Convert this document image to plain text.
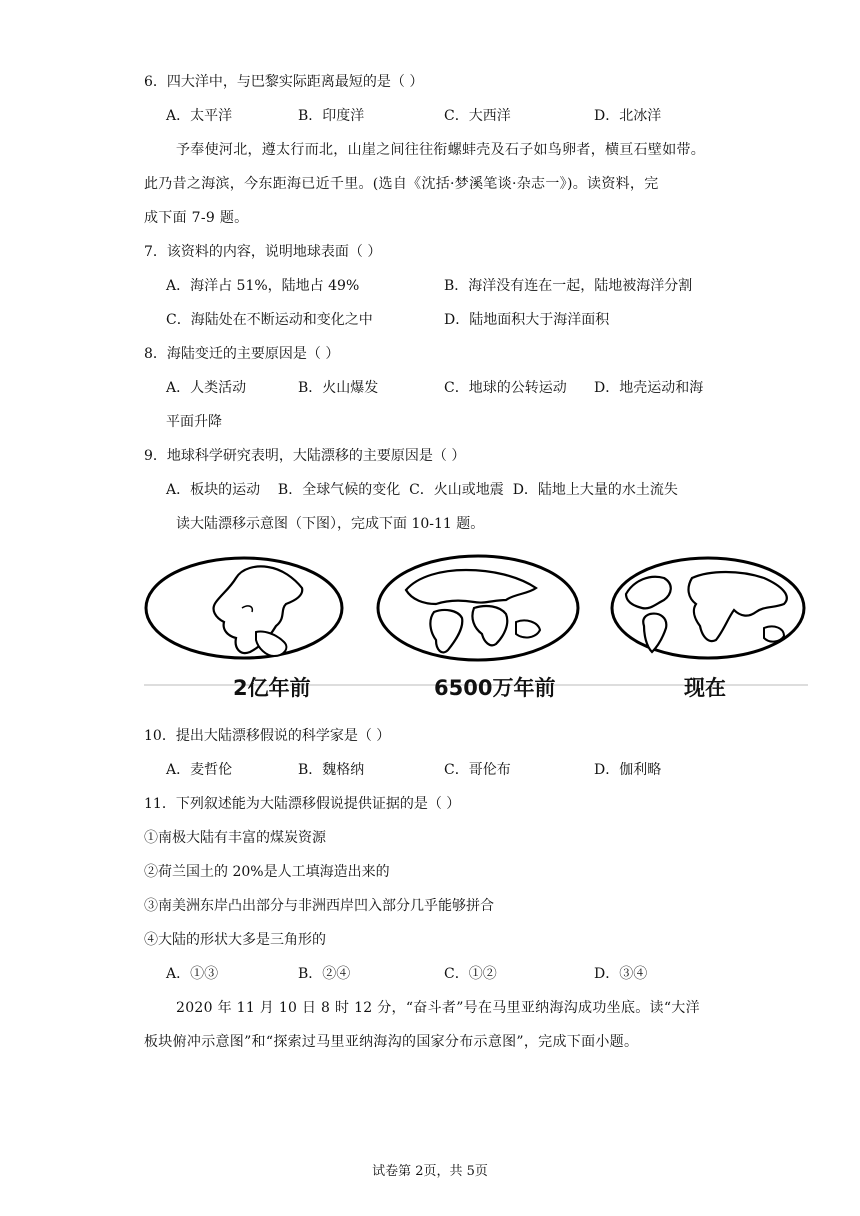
6．四大洋中，与巴黎实际距离最短的是（ ）
A．太平洋	B．印度洋	C．大西洋	D．北冰洋
予奉使河北，遵太行而北，山崖之间往往衔螺蚌壳及石子如鸟卵者，横亘石壁如带。
此乃昔之海滨，今东距海已近千里。(选自《沈括·梦溪笔谈·杂志一》)。读资料，完
成下面 7-9 题。
7．该资料的内容，说明地球表面（ ）
A．海洋占 51%，陆地占 49%	B．海洋没有连在一起，陆地被海洋分割
C．海陆处在不断运动和变化之中	D．陆地面积大于海洋面积
8．海陆变迁的主要原因是（ ）
A．人类活动	B．火山爆发	C．地球的公转运动 D．地壳运动和海
平面升降
9．地球科学研究表明，大陆漂移的主要原因是（ ）
A．板块的运动    B．全球气候的变化  C．火山或地震  D．陆地上大量的水土流失
读大陆漂移示意图（下图），完成下面 10-11 题。
2亿年前	6500万年前	现在
10．提出大陆漂移假说的科学家是（ ）
A．麦哲伦	B．魏格纳	C．哥伦布	D．伽利略
11．下列叙述能为大陆漂移假说提供证据的是（ ）
①南极大陆有丰富的煤炭资源
②荷兰国土的 20%是人工填海造出来的
③南美洲东岸凸出部分与非洲西岸凹入部分几乎能够拼合
④大陆的形状大多是三角形的
A．①③	B．②④	C．①②	D．③④
2020 年 11 月 10 日 8 时 12 分，“奋斗者”号在马里亚纳海沟成功坐底。读“大洋
板块俯冲示意图”和“探索过马里亚纳海沟的国家分布示意图”，完成下面小题。
试卷第 2页，共 5页
